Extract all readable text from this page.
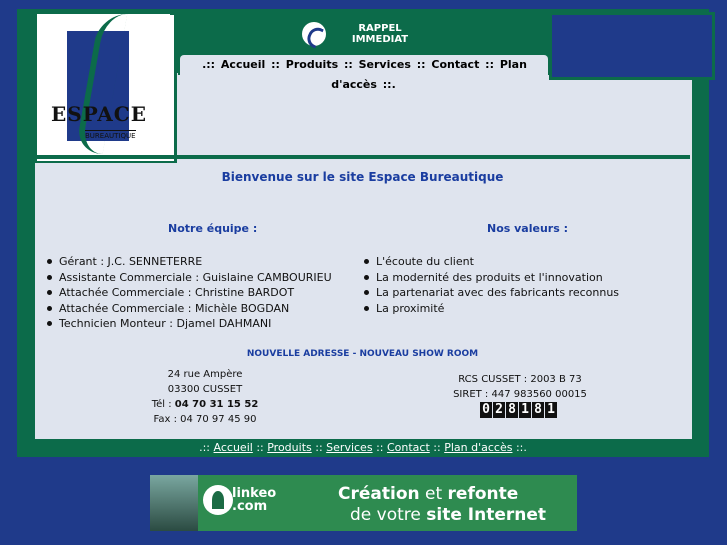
ESPACE
BUREAUTIQUE
RAPPEL
IMMEDIAT
.:: Accueil :: Produits :: Services :: Contact :: Plan d'accès ::.
Bienvenue sur le site Espace Bureautique
Notre équipe :	Nos valeurs :
Gérant : J.C. SENNETERRE
Assistante Commerciale : Guislaine CAMBOURIEU
Attachée Commerciale : Christine BARDOT
Attachée Commerciale : Michèle BOGDAN
Technicien Monteur : Djamel DAHMANI
L'écoute du client
La modernité des produits et l'innovation
La partenariat avec des fabricants reconnus
La proximité
NOUVELLE ADRESSE - NOUVEAU SHOW ROOM
24 rue Ampère
03300 CUSSET
Tél : 04 70 31 15 52
Fax : 04 70 97 45 90
RCS CUSSET : 2003 B 73
SIRET : 447 983560 00015
0 2 8 1 8 1
.:: Accueil :: Produits :: Services :: Contact :: Plan d'accès ::.
linkeo
.com
Création et refonte
de votre site Internet
